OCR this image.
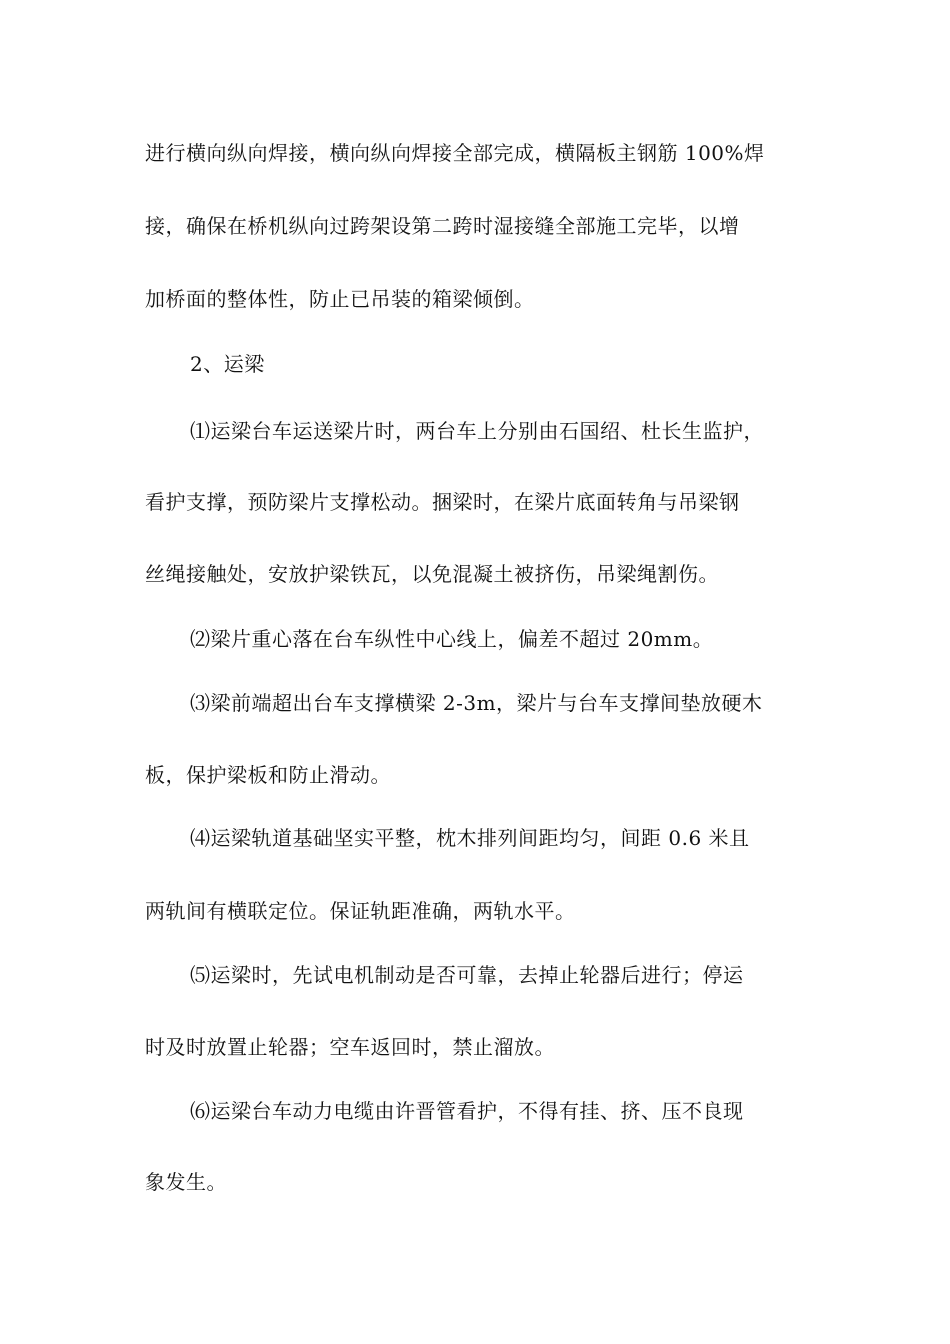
进行横向纵向焊接，横向纵向焊接全部完成，横隔板主钢筋 100%焊
接，确保在桥机纵向过跨架设第二跨时湿接缝全部施工完毕，以增
加桥面的整体性，防止已吊装的箱梁倾倒。
2、运梁
⑴运梁台车运送梁片时，两台车上分别由石国绍、杜长生监护，
看护支撑，预防梁片支撑松动。捆梁时，在梁片底面转角与吊梁钢
丝绳接触处，安放护梁铁瓦，以免混凝土被挤伤，吊梁绳割伤。
⑵梁片重心落在台车纵性中心线上，偏差不超过 20mm。
⑶梁前端超出台车支撑横梁 2-3m，梁片与台车支撑间垫放硬木
板，保护梁板和防止滑动。
⑷运梁轨道基础坚实平整，枕木排列间距均匀，间距 0.6 米且
两轨间有横联定位。保证轨距准确，两轨水平。
⑸运梁时，先试电机制动是否可靠，去掉止轮器后进行；停运
时及时放置止轮器；空车返回时，禁止溜放。
⑹运梁台车动力电缆由许晋管看护，不得有挂、挤、压不良现
象发生。
